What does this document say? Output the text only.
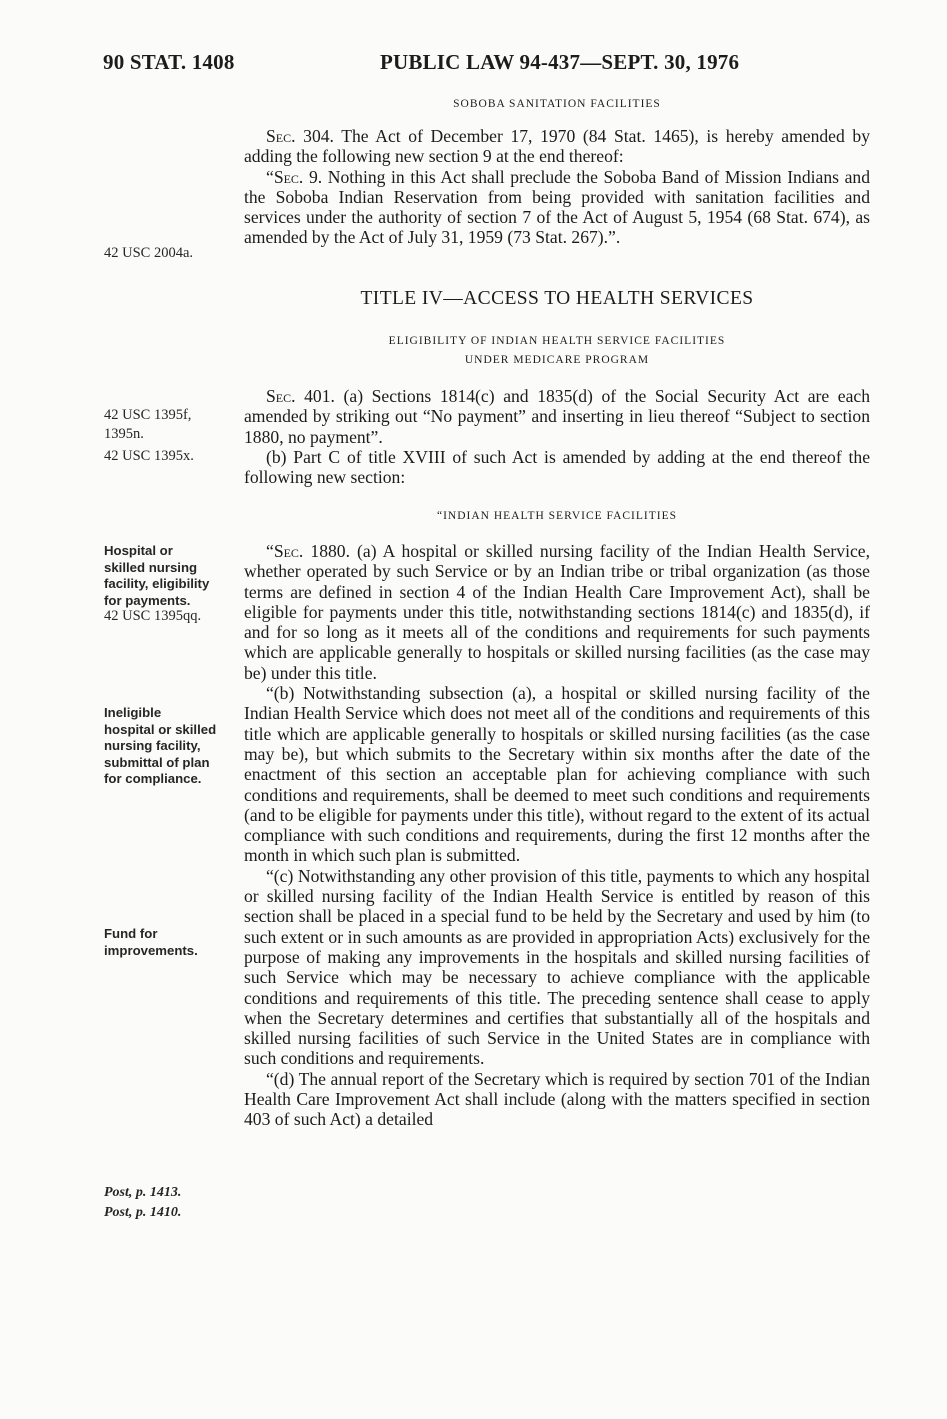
90 STAT. 1408	PUBLIC LAW 94-437—SEPT. 30, 1976
SOBOBA SANITATION FACILITIES

Sec. 304. The Act of December 17, 1970 (84 Stat. 1465), is hereby amended by adding the following new section 9 at the end thereof:

“Sec. 9. Nothing in this Act shall preclude the Soboba Band of Mission Indians and the Soboba Indian Reservation from being provided with sanitation facilities and services under the authority of section 7 of the Act of August 5, 1954 (68 Stat. 674), as amended by the Act of July 31, 1959 (73 Stat. 267).”.

TITLE IV—ACCESS TO HEALTH SERVICES
ELIGIBILITY OF INDIAN HEALTH SERVICE FACILITIES
UNDER MEDICARE PROGRAM

Sec. 401. (a) Sections 1814(c) and 1835(d) of the Social Security Act are each amended by striking out “No payment” and inserting in lieu thereof “Subject to section 1880, no payment”.

(b) Part C of title XVIII of such Act is amended by adding at the end thereof the following new section:

“INDIAN HEALTH SERVICE FACILITIES

“Sec. 1880. (a) A hospital or skilled nursing facility of the Indian Health Service, whether operated by such Service or by an Indian tribe or tribal organization (as those terms are defined in section 4 of the Indian Health Care Improvement Act), shall be eligible for payments under this title, notwithstanding sections 1814(c) and 1835(d), if and for so long as it meets all of the conditions and requirements for such payments which are applicable generally to hospitals or skilled nursing facilities (as the case may be) under this title.

“(b) Notwithstanding subsection (a), a hospital or skilled nursing facility of the Indian Health Service which does not meet all of the conditions and requirements of this title which are applicable generally to hospitals or skilled nursing facilities (as the case may be), but which submits to the Secretary within six months after the date of the enactment of this section an acceptable plan for achieving compliance with such conditions and requirements, shall be deemed to meet such conditions and requirements (and to be eligible for payments under this title), without regard to the extent of its actual compliance with such conditions and requirements, during the first 12 months after the month in which such plan is submitted.

“(c) Notwithstanding any other provision of this title, payments to which any hospital or skilled nursing facility of the Indian Health Service is entitled by reason of this section shall be placed in a special fund to be held by the Secretary and used by him (to such extent or in such amounts as are provided in appropriation Acts) exclusively for the purpose of making any improvements in the hospitals and skilled nursing facilities of such Service which may be necessary to achieve compliance with the applicable conditions and requirements of this title. The preceding sentence shall cease to apply when the Secretary determines and certifies that substantially all of the hospitals and skilled nursing facilities of such Service in the United States are in compliance with such conditions and requirements.

“(d) The annual report of the Secretary which is required by section 701 of the Indian Health Care Improvement Act shall include (along with the matters specified in section 403 of such Act) a detailed

42 USC 2004a.
42 USC 1395f,
1395n.
42 USC 1395x.
Hospital or
skilled nursing
facility, eligibility
for payments.
42 USC 1395qq.
Ineligible
hospital or skilled
nursing facility,
submittal of plan
for compliance.
Fund for
improvements.
Post, p. 1413.
Post, p. 1410.
